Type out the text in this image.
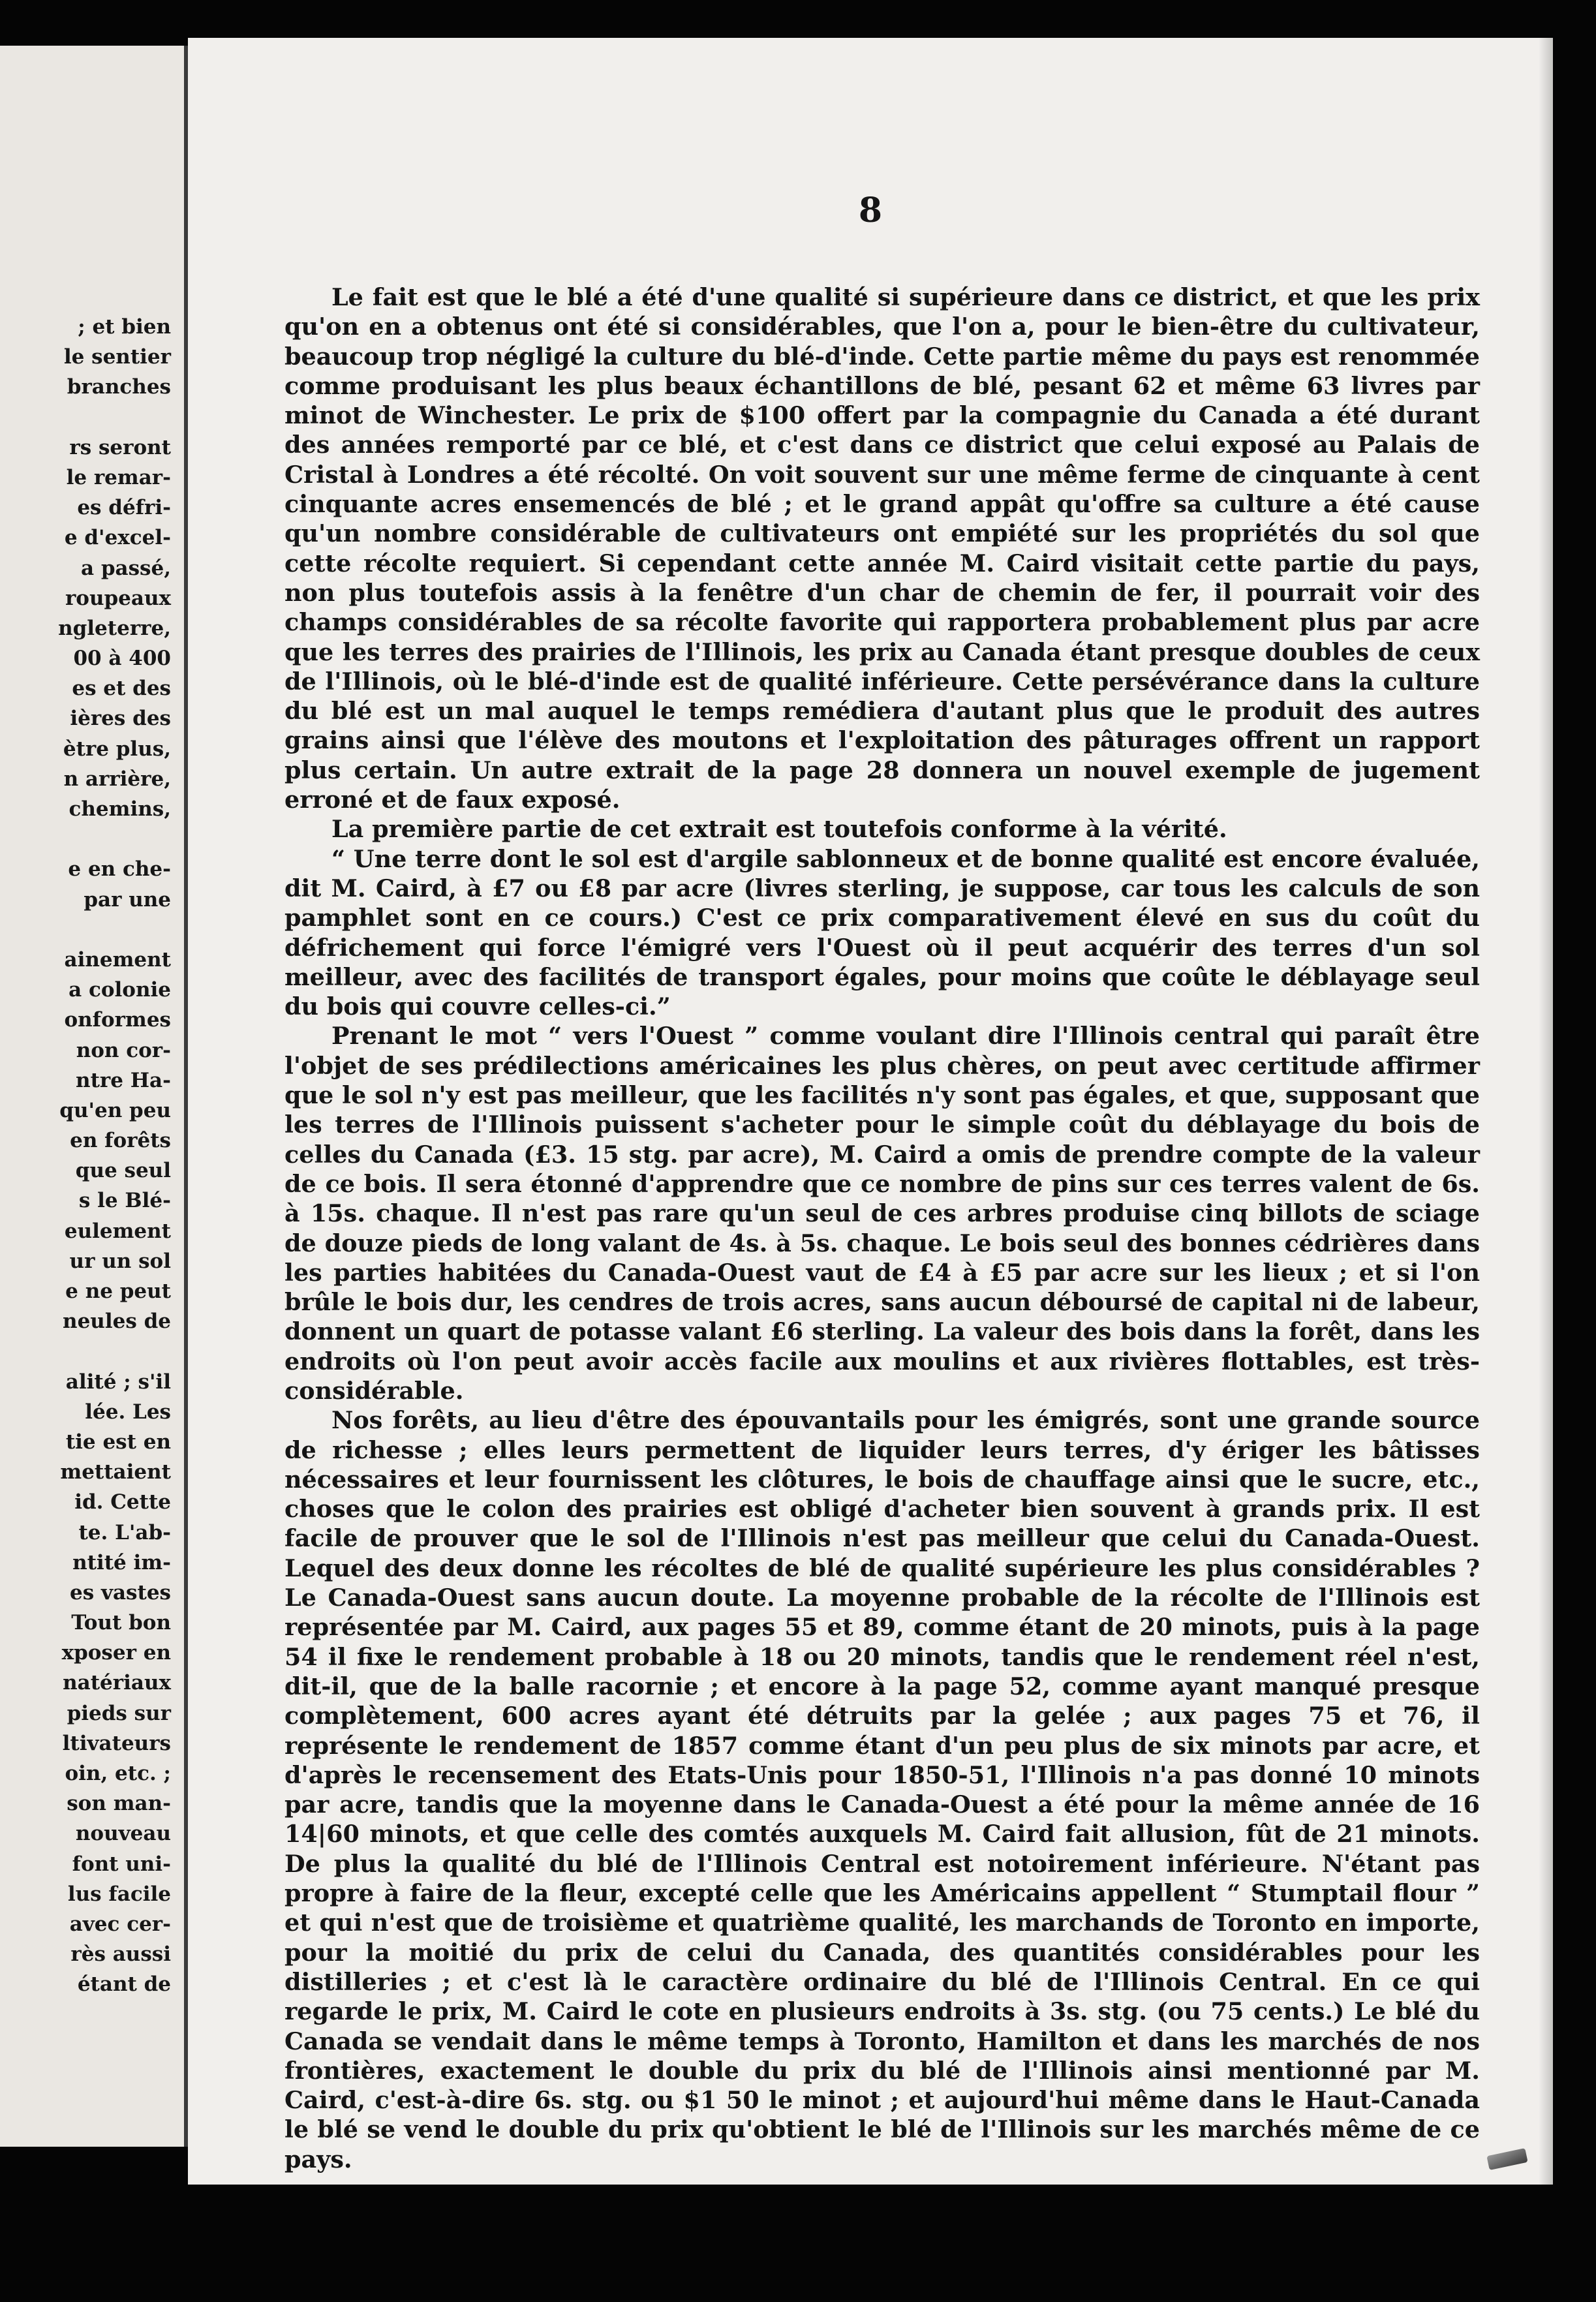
; et bien
le sentier
branches
rs seront
le remar-
es défri-
e d'excel-
a passé,
roupeaux
ngleterre,
00 à 400
es et des
ières des
ètre plus,
n arrière,
chemins,
e en che-
par une
ainement
a colonie
onformes
non cor-
ntre Ha-
qu'en peu
en forêts
que seul
s le Blé-
eulement
ur un sol
e ne peut
neules de
alité ; s'il
lée. Les
tie est en
mettaient
id. Cette
te. L'ab-
ntité im-
es vastes
Tout bon
xposer en
natériaux
pieds sur
ltivateurs
oin, etc. ;
son man-
nouveau
font uni-
lus facile
avec cer-
rès aussi
étant de
8

Le fait est que le blé a été d'une qualité si supérieure dans ce district, et que les prix qu'on en a obtenus ont été si considérables, que l'on a, pour le bien-être du cultivateur, beaucoup trop négligé la culture du blé-d'inde. Cette partie même du pays est renommée comme produisant les plus beaux échantillons de blé, pesant 62 et même 63 livres par minot de Winchester. Le prix de $100 offert par la compagnie du Canada a été durant des années remporté par ce blé, et c'est dans ce district que celui exposé au Palais de Cristal à Londres a été récolté. On voit souvent sur une même ferme de cinquante à cent cinquante acres ensemencés de blé ; et le grand appât qu'offre sa culture a été cause qu'un nombre considérable de cultivateurs ont empiété sur les propriétés du sol que cette récolte requiert. Si cependant cette année M. Caird visitait cette partie du pays, non plus toutefois assis à la fenêtre d'un char de chemin de fer, il pourrait voir des champs considérables de sa récolte favorite qui rapportera probablement plus par acre que les terres des prairies de l'Illinois, les prix au Canada étant presque doubles de ceux de l'Illinois, où le blé-d'inde est de qualité inférieure. Cette persévérance dans la culture du blé est un mal auquel le temps remédiera d'autant plus que le produit des autres grains ainsi que l'élève des moutons et l'exploitation des pâturages offrent un rapport plus certain. Un autre extrait de la page 28 donnera un nouvel exemple de jugement erroné et de faux exposé.

La première partie de cet extrait est toutefois conforme à la vérité.

“ Une terre dont le sol est d'argile sablonneux et de bonne qualité est encore évaluée, dit M. Caird, à £7 ou £8 par acre (livres sterling, je suppose, car tous les calculs de son pamphlet sont en ce cours.) C'est ce prix comparativement élevé en sus du coût du défrichement qui force l'émigré vers l'Ouest où il peut acquérir des terres d'un sol meilleur, avec des facilités de transport égales, pour moins que coûte le déblayage seul du bois qui couvre celles-ci.”

Prenant le mot “ vers l'Ouest ” comme voulant dire l'Illinois central qui paraît être l'objet de ses prédilections américaines les plus chères, on peut avec certitude affirmer que le sol n'y est pas meilleur, que les facilités n'y sont pas égales, et que, supposant que les terres de l'Illinois puissent s'acheter pour le simple coût du déblayage du bois de celles du Canada (£3. 15 stg. par acre), M. Caird a omis de prendre compte de la valeur de ce bois. Il sera étonné d'apprendre que ce nombre de pins sur ces terres valent de 6s. à 15s. chaque. Il n'est pas rare qu'un seul de ces arbres produise cinq billots de sciage de douze pieds de long valant de 4s. à 5s. chaque. Le bois seul des bonnes cédrières dans les parties habitées du Canada-Ouest vaut de £4 à £5 par acre sur les lieux ; et si l'on brûle le bois dur, les cendres de trois acres, sans aucun déboursé de capital ni de labeur, donnent un quart de potasse valant £6 sterling. La valeur des bois dans la forêt, dans les endroits où l'on peut avoir accès facile aux moulins et aux rivières flottables, est très-considérable.

Nos forêts, au lieu d'être des épouvantails pour les émigrés, sont une grande source de richesse ; elles leurs permettent de liquider leurs terres, d'y ériger les bâtisses nécessaires et leur fournissent les clôtures, le bois de chauffage ainsi que le sucre, etc., choses que le colon des prairies est obligé d'acheter bien souvent à grands prix. Il est facile de prouver que le sol de l'Illinois n'est pas meilleur que celui du Canada-Ouest. Lequel des deux donne les récoltes de blé de qualité supérieure les plus considérables ? Le Canada-Ouest sans aucun doute. La moyenne probable de la récolte de l'Illinois est représentée par M. Caird, aux pages 55 et 89, comme étant de 20 minots, puis à la page 54 il fixe le rendement probable à 18 ou 20 minots, tandis que le rendement réel n'est, dit-il, que de la balle racornie ; et encore à la page 52, comme ayant manqué presque complètement, 600 acres ayant été détruits par la gelée ; aux pages 75 et 76, il représente le rendement de 1857 comme étant d'un peu plus de six minots par acre, et d'après le recensement des Etats-Unis pour 1850-51, l'Illinois n'a pas donné 10 minots par acre, tandis que la moyenne dans le Canada-Ouest a été pour la même année de 16 14|60 minots, et que celle des comtés auxquels M. Caird fait allusion, fût de 21 minots. De plus la qualité du blé de l'Illinois Central est notoirement inférieure. N'étant pas propre à faire de la fleur, excepté celle que les Américains appellent “ Stumptail flour ” et qui n'est que de troisième et quatrième qualité, les marchands de Toronto en importe, pour la moitié du prix de celui du Canada, des quantités considérables pour les distilleries ; et c'est là le caractère ordinaire du blé de l'Illinois Central. En ce qui regarde le prix, M. Caird le cote en plusieurs endroits à 3s. stg. (ou 75 cents.) Le blé du Canada se vendait dans le même temps à Toronto, Hamilton et dans les marchés de nos frontières, exactement le double du prix du blé de l'Illinois ainsi mentionné par M. Caird, c'est-à-dire 6s. stg. ou $1 50 le minot ; et aujourd'hui même dans le Haut-Canada le blé se vend le double du prix qu'obtient le blé de l'Illinois sur les marchés même de ce pays.
